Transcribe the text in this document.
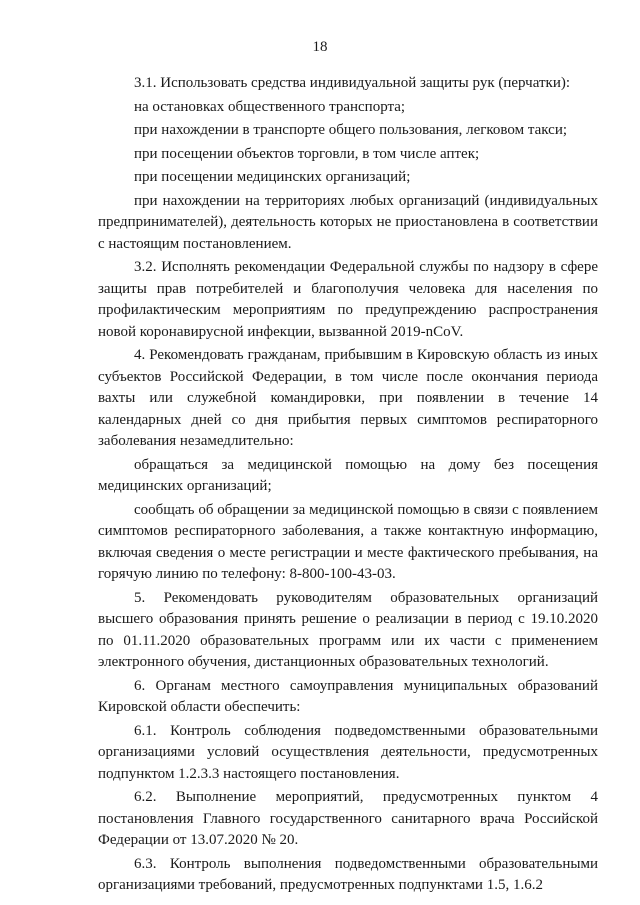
18

3.1. Использовать средства индивидуальной защиты рук (перчатки):

на остановках общественного транспорта;

при нахождении в транспорте общего пользования, легковом такси;

при посещении объектов торговли, в том числе аптек;

при посещении медицинских организаций;

при нахождении на территориях любых организаций (индивидуальных предпринимателей), деятельность которых не приостановлена в соответствии с настоящим постановлением.

3.2. Исполнять рекомендации Федеральной службы по надзору в сфере защиты прав потребителей и благополучия человека для населения по профилактическим мероприятиям по предупреждению распространения новой коронавирусной инфекции, вызванной 2019-nCoV.

4. Рекомендовать гражданам, прибывшим в Кировскую область из иных субъектов Российской Федерации, в том числе после окончания периода вахты или служебной командировки, при появлении в течение 14 календарных дней со дня прибытия первых симптомов респираторного заболевания незамедлительно:

обращаться за медицинской помощью на дому без посещения медицинских организаций;

сообщать об обращении за медицинской помощью в связи с появлением симптомов респираторного заболевания, а также контактную информацию, включая сведения о месте регистрации и месте фактического пребывания, на горячую линию по телефону: 8-800-100-43-03.

5. Рекомендовать руководителям образовательных организаций высшего образования принять решение о реализации в период с 19.10.2020 по 01.11.2020 образовательных программ или их части с применением электронного обучения, дистанционных образовательных технологий.

6. Органам местного самоуправления муниципальных образований Кировской области обеспечить:

6.1. Контроль соблюдения подведомственными образовательными организациями условий осуществления деятельности, предусмотренных подпунктом 1.2.3.3 настоящего постановления.

6.2. Выполнение мероприятий, предусмотренных пунктом 4 постановления Главного государственного санитарного врача Российской Федерации от 13.07.2020 № 20.

6.3. Контроль выполнения подведомственными образовательными организациями требований, предусмотренных подпунктами 1.5, 1.6.2
